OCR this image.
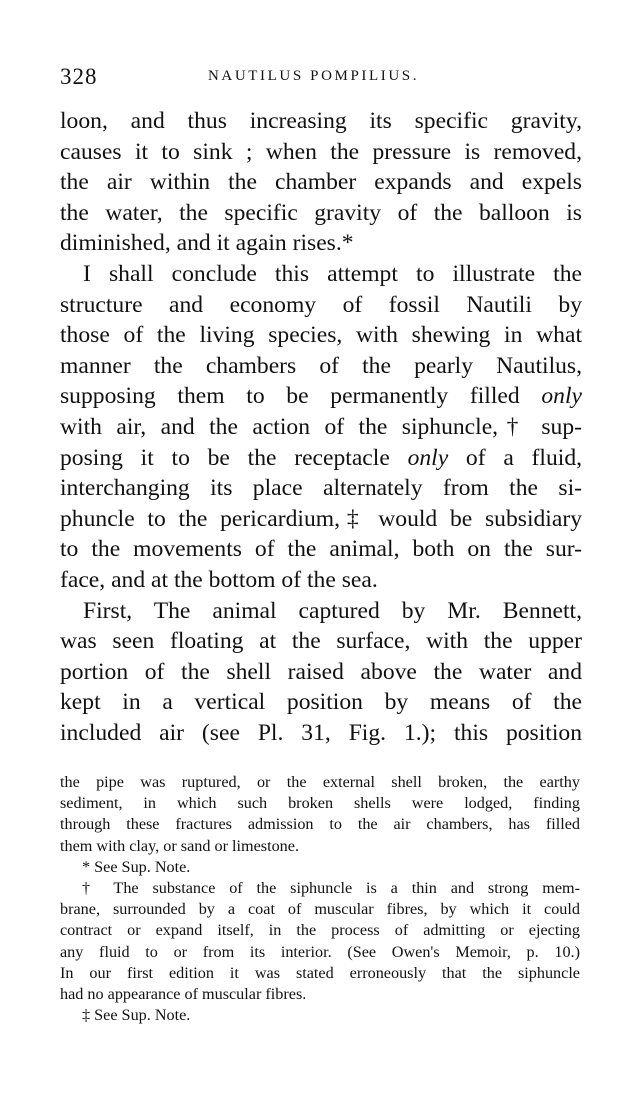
328	NAUTILUS POMPILIUS.
loon, and thus increasing its specific gravity,
causes it to sink ; when the pressure is removed,
the air within the chamber expands and expels
the water, the specific gravity of the balloon is
diminished, and it again rises.*
I shall conclude this attempt to illustrate the
structure and economy of fossil Nautili by
those of the living species, with shewing in what
manner the chambers of the pearly Nautilus,
supposing them to be permanently filled only
with air, and the action of the siphuncle,† sup-
posing it to be the receptacle only of a fluid,
interchanging its place alternately from the si-
phuncle to the pericardium,‡ would be subsidiary
to the movements of the animal, both on the sur-
face, and at the bottom of the sea.
First, The animal captured by Mr. Bennett,
was seen floating at the surface, with the upper
portion of the shell raised above the water and
kept in a vertical position by means of the
included air (see Pl. 31, Fig. 1.); this position
the pipe was ruptured, or the external shell broken, the earthy
sediment, in which such broken shells were lodged, finding
through these fractures admission to the air chambers, has filled
them with clay, or sand or limestone.
* See Sup. Note.
† The substance of the siphuncle is a thin and strong mem-
brane, surrounded by a coat of muscular fibres, by which it could
contract or expand itself, in the process of admitting or ejecting
any fluid to or from its interior. (See Owen's Memoir, p. 10.)
In our first edition it was stated erroneously that the siphuncle
had no appearance of muscular fibres.
‡ See Sup. Note.
